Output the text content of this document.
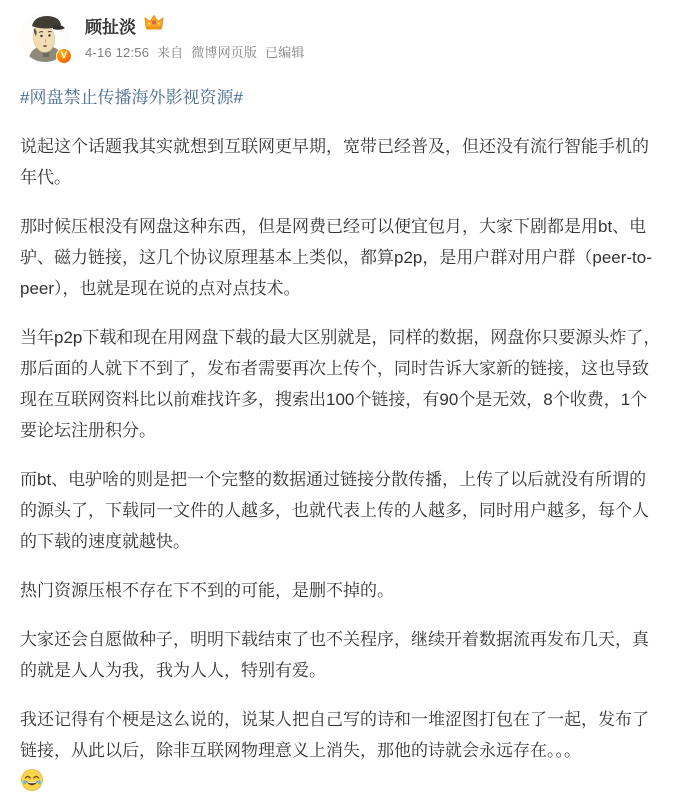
V
顾扯淡
4-16 12:56 来自 微博网页版 已编辑

#网盘禁止传播海外影视资源#

说起这个话题我其实就想到互联网更早期，宽带已经普及，但还没有流行智能手机的年代。

那时候压根没有网盘这种东西，但是网费已经可以便宜包月，大家下剧都是用bt、电驴、磁力链接，这几个协议原理基本上类似，都算p2p，是用户群对用户群（peer-to-peer），也就是现在说的点对点技术。

当年p2p下载和现在用网盘下载的最大区别就是，同样的数据，网盘你只要源头炸了，那后面的人就下不到了，发布者需要再次上传个，同时告诉大家新的链接，这也导致现在互联网资料比以前难找许多，搜索出100个链接，有90个是无效，8个收费，1个要论坛注册积分。

而bt、电驴啥的则是把一个完整的数据通过链接分散传播，上传了以后就没有所谓的的源头了，下载同一文件的人越多，也就代表上传的人越多，同时用户越多，每个人的下载的速度就越快。

热门资源压根不存在下不到的可能，是删不掉的。

大家还会自愿做种子，明明下载结束了也不关程序，继续开着数据流再发布几天，真的就是人人为我，我为人人，特别有爱。

我还记得有个梗是这么说的，说某人把自己写的诗和一堆涩图打包在了一起，发布了链接，从此以后，除非互联网物理意义上消失，那他的诗就会永远存在。。。
